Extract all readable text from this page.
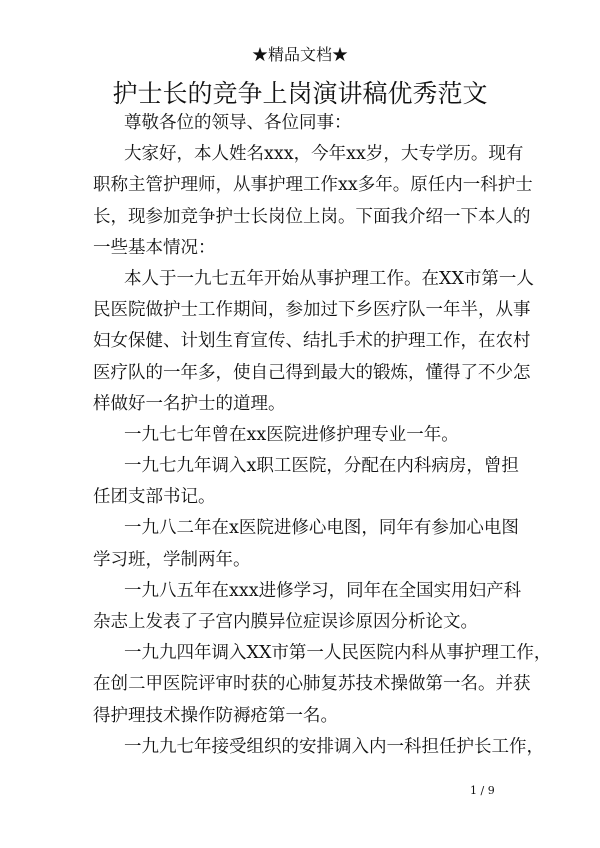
★精品文档★
护士长的竞争上岗演讲稿优秀范文
尊敬各位的领导、各位同事：
大家好，本人姓名xxx，今年xx岁，大专学历。现有
职称主管护理师，从事护理工作xx多年。原任内一科护士
长，现参加竞争护士长岗位上岗。下面我介绍一下本人的
一些基本情况：
本人于一九七五年开始从事护理工作。在XX市第一人
民医院做护士工作期间，参加过下乡医疗队一年半，从事
妇女保健、计划生育宣传、结扎手术的护理工作，在农村
医疗队的一年多，使自己得到最大的锻炼，懂得了不少怎
样做好一名护士的道理。
一九七七年曾在xx医院进修护理专业一年。
一九七九年调入x职工医院，分配在内科病房，曾担
任团支部书记。
一九八二年在x医院进修心电图，同年有参加心电图
学习班，学制两年。
一九八五年在xxx进修学习，同年在全国实用妇产科
杂志上发表了子宫内膜异位症误诊原因分析论文。
一九九四年调入XX市第一人民医院内科从事护理工作，
在创二甲医院评审时获的心肺复苏技术操做第一名。并获
得护理技术操作防褥疮第一名。
一九九七年接受组织的安排调入内一科担任护长工作，
1 / 9
